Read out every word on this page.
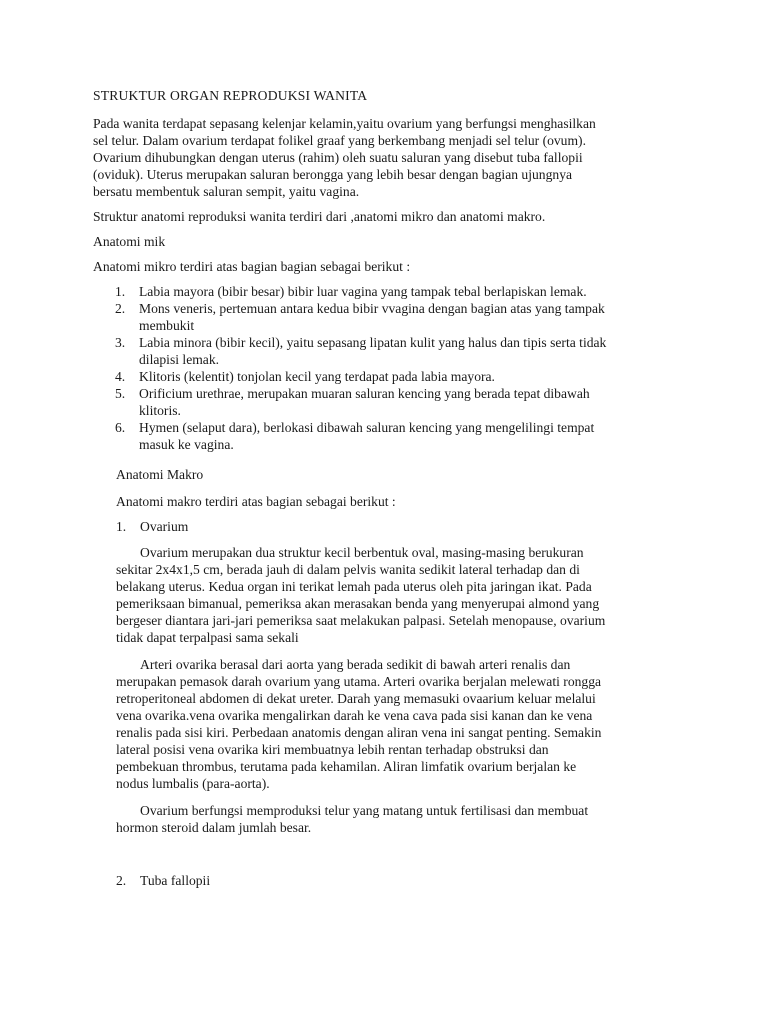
STRUKTUR ORGAN REPRODUKSI WANITA
Pada wanita terdapat sepasang kelenjar kelamin,yaitu ovarium yang berfungsi menghasilkan
sel telur. Dalam ovarium terdapat folikel graaf yang berkembang menjadi sel telur (ovum).
Ovarium dihubungkan dengan uterus (rahim) oleh suatu saluran yang disebut tuba fallopii
(oviduk). Uterus merupakan saluran berongga yang lebih besar dengan bagian ujungnya
bersatu membentuk saluran sempit, yaitu vagina.

Struktur anatomi reproduksi wanita terdiri dari ,anatomi mikro dan anatomi makro.

Anatomi mik

Anatomi mikro terdiri atas bagian bagian sebagai berikut :

1. Labia mayora (bibir besar) bibir luar vagina yang tampak tebal berlapiskan lemak.
2. Mons veneris, pertemuan antara kedua bibir vvagina dengan bagian atas yang tampak
membukit
3. Labia minora (bibir kecil), yaitu sepasang lipatan kulit yang halus dan tipis serta tidak
dilapisi lemak.
4. Klitoris (kelentit) tonjolan kecil yang terdapat pada labia mayora.
5. Orificium urethrae, merupakan muaran saluran kencing yang berada tepat dibawah
klitoris.
6. Hymen (selaput dara), berlokasi dibawah saluran kencing yang mengelilingi tempat
masuk ke vagina.
Anatomi Makro

Anatomi makro terdiri atas bagian sebagai berikut :

1. Ovarium
Ovarium merupakan dua struktur kecil berbentuk oval, masing-masing berukuran
sekitar 2x4x1,5 cm, berada jauh di dalam pelvis wanita sedikit lateral terhadap dan di
belakang uterus. Kedua organ ini terikat lemah pada uterus oleh pita jaringan ikat. Pada
pemeriksaan bimanual, pemeriksa akan merasakan benda yang menyerupai almond yang
bergeser diantara jari-jari pemeriksa saat melakukan palpasi. Setelah menopause, ovarium
tidak dapat terpalpasi sama sekali
Arteri ovarika berasal dari aorta yang berada sedikit di bawah arteri renalis dan
merupakan pemasok darah ovarium yang utama. Arteri ovarika berjalan melewati rongga
retroperitoneal abdomen di dekat ureter. Darah yang memasuki ovaarium keluar melalui
vena ovarika.vena ovarika mengalirkan darah ke vena cava pada sisi kanan dan ke vena
renalis pada sisi kiri. Perbedaan anatomis dengan aliran vena ini sangat penting. Semakin
lateral posisi vena ovarika kiri membuatnya lebih rentan terhadap obstruksi dan
pembekuan thrombus, terutama pada kehamilan. Aliran limfatik ovarium berjalan ke
nodus lumbalis (para-aorta).
Ovarium berfungsi memproduksi telur yang matang untuk fertilisasi dan membuat
hormon steroid dalam jumlah besar.
2. Tuba fallopii
